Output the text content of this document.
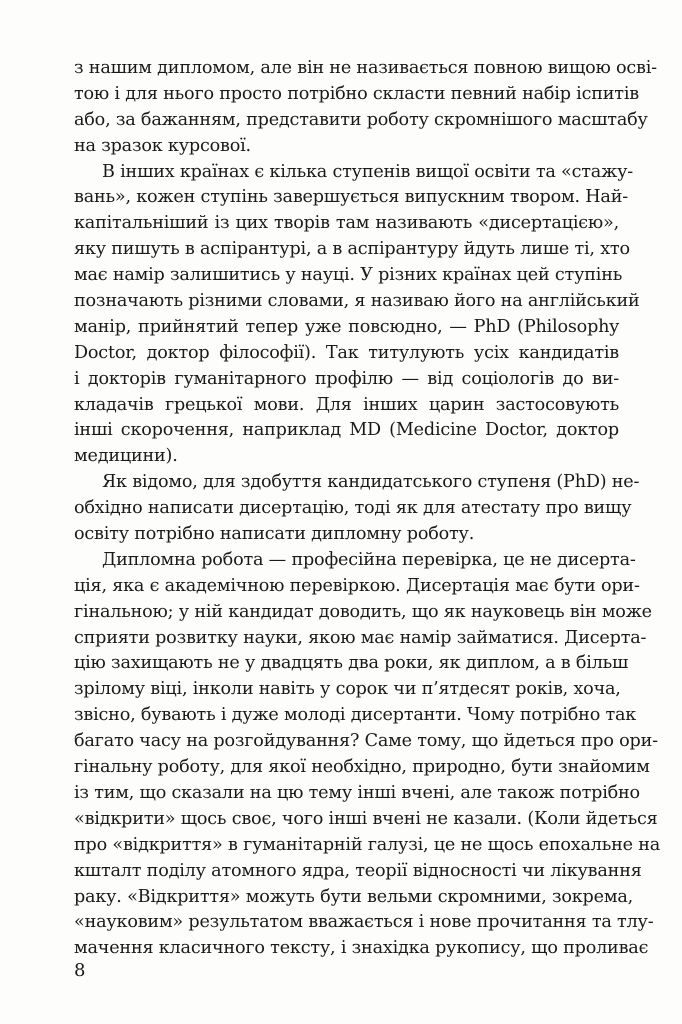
з нашим дипломом, але він не називається повною вищою осві-
тою і для нього просто потрібно скласти певний набір іспитів
або, за бажанням, представити роботу скромнішого масштабу
на зразок курсової.
В інших країнах є кілька ступенів вищої освіти та «стажу-
вань», кожен ступінь завершується випускним твором. Най-
капітальніший із цих творів там називають «дисертацією»,
яку пишуть в аспірантурі, а в аспірантуру йдуть лише ті, хто
має намір залишитись у науці. У різних країнах цей ступінь
позначають різними словами, я називаю його на англійський
манір, прийнятий тепер уже повсюдно, — PhD (Philosophy
Doctor, доктор філософії). Так титулують усіх кандидатів
і докторів гуманітарного профілю — від соціологів до ви-
кладачів грецької мови. Для інших царин застосовують
інші скорочення, наприклад MD (Medicine Doctor, доктор
медицини).
Як відомо, для здобуття кандидатського ступеня (PhD) не-
обхідно написати дисертацію, тоді як для атестату про вищу
освіту потрібно написати дипломну роботу.
Дипломна робота — професійна перевірка, це не дисерта-
ція, яка є академічною перевіркою. Дисертація має бути ори-
гінальною; у ній кандидат доводить, що як науковець він може
сприяти розвитку науки, якою має намір займатися. Дисерта-
цію захищають не у двадцять два роки, як диплом, а в більш
зрілому віці, інколи навіть у сорок чи п’ятдесят років, хоча,
звісно, бувають і дуже молоді дисертанти. Чому потрібно так
багато часу на розгойдування? Саме тому, що йдеться про ори-
гінальну роботу, для якої необхідно, природно, бути знайомим
із тим, що сказали на цю тему інші вчені, але також потрібно
«відкрити» щось своє, чого інші вчені не казали. (Коли йдеться
про «відкриття» в гуманітарній галузі, це не щось епохальне на
кшталт поділу атомного ядра, теорії відносності чи лікування
раку. «Відкриття» можуть бути вельми скромними, зокрема,
«науковим» результатом вважається і нове прочитання та тлу-
мачення класичного тексту, і знахідка рукопису, що проливає
8
